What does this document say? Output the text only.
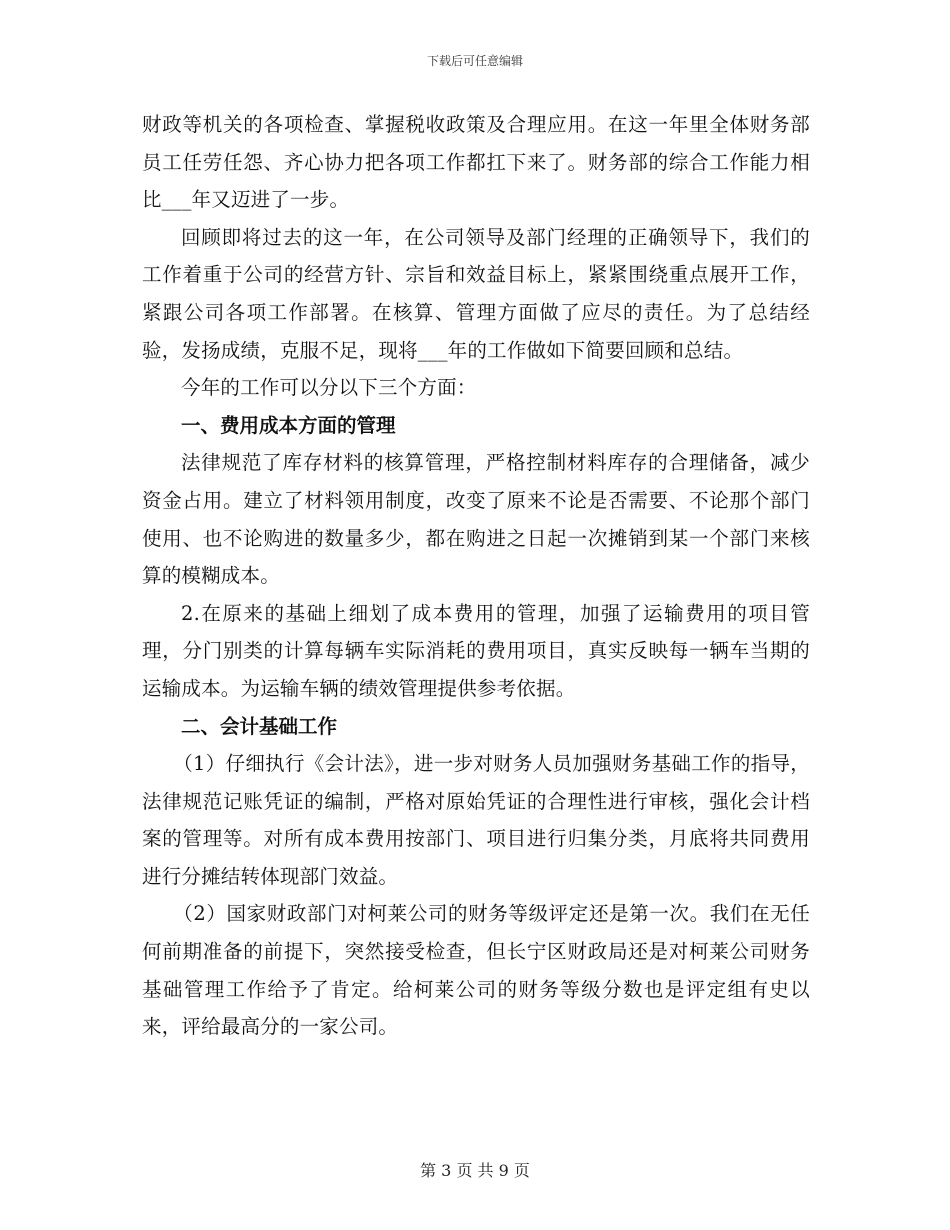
下载后可任意编辑

财政等机关的各项检查、掌握税收政策及合理应用。在这一年里全体财务部员工任劳任怨、齐心协力把各项工作都扛下来了。财务部的综合工作能力相比___年又迈进了一步。

回顾即将过去的这一年，在公司领导及部门经理的正确领导下，我们的工作着重于公司的经营方针、宗旨和效益目标上，紧紧围绕重点展开工作，紧跟公司各项工作部署。在核算、管理方面做了应尽的责任。为了总结经验，发扬成绩，克服不足，现将___年的工作做如下简要回顾和总结。

今年的工作可以分以下三个方面：

一、费用成本方面的管理

法律规范了库存材料的核算管理，严格控制材料库存的合理储备，减少资金占用。建立了材料领用制度，改变了原来不论是否需要、不论那个部门使用、也不论购进的数量多少，都在购进之日起一次摊销到某一个部门来核算的模糊成本。

2.在原来的基础上细划了成本费用的管理，加强了运输费用的项目管理，分门别类的计算每辆车实际消耗的费用项目，真实反映每一辆车当期的运输成本。为运输车辆的绩效管理提供参考依据。

二、会计基础工作

（1）仔细执行《会计法》，进一步对财务人员加强财务基础工作的指导，法律规范记账凭证的编制，严格对原始凭证的合理性进行审核，强化会计档案的管理等。对所有成本费用按部门、项目进行归集分类，月底将共同费用进行分摊结转体现部门效益。

（2）国家财政部门对柯莱公司的财务等级评定还是第一次。我们在无任何前期准备的前提下，突然接受检查，但长宁区财政局还是对柯莱公司财务基础管理工作给予了肯定。给柯莱公司的财务等级分数也是评定组有史以来，评给最高分的一家公司。

第 3 页 共 9 页
